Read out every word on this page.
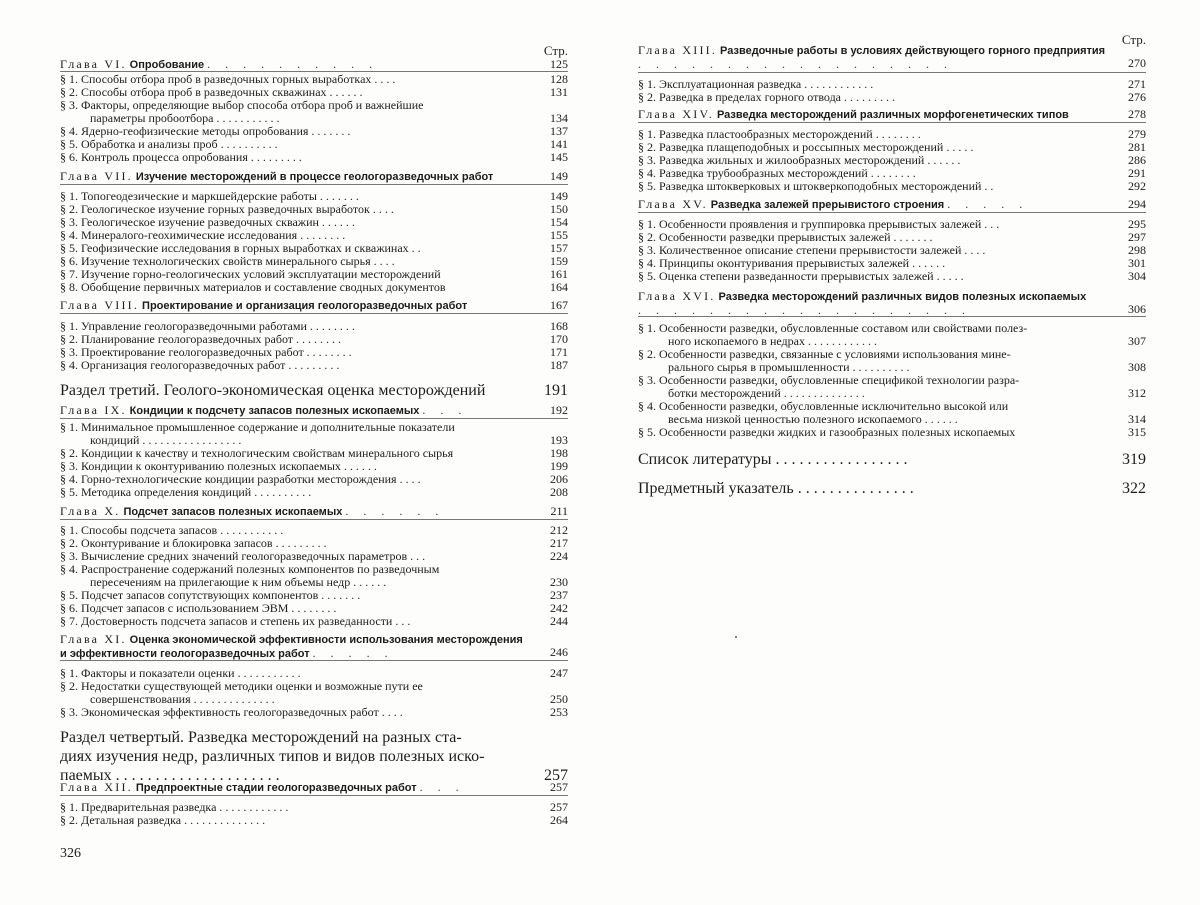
Стр.
Глава VI. Опробование . . . . . . . . . .	125
§ 1. Способы отбора проб в разведочных горных выработках . . . .	128
§ 2. Способы отбора проб в разведочных скважинах . . . . . .	131
§ 3. Факторы, определяющие выбор способа отбора проб и важнейшие
параметры пробоотбора . . . . . . . . . . .	134
§ 4. Ядерно-геофизические методы опробования . . . . . . .	137
§ 5. Обработка и анализы проб . . . . . . . . . .	141
§ 6. Контроль процесса опробования . . . . . . . . .	145
Глава VII. Изучение месторождений в процессе геологоразведочных работ	149
§ 1. Топогеодезические и маркшейдерские работы . . . . . . .	149
§ 2. Геологическое изучение горных разведочных выработок . . . .	150
§ 3. Геологическое изучение разведочных скважин . . . . . .	154
§ 4. Минералого-геохимические исследования . . . . . . . .	155
§ 5. Геофизические исследования в горных выработках и скважинах . .	157
§ 6. Изучение технологических свойств минерального сырья . . . .	159
§ 7. Изучение горно-геологических условий эксплуатации месторождений	161
§ 8. Обобщение первичных материалов и составление сводных документов	164
Глава VIII. Проектирование и организация геологоразведочных работ	167
§ 1. Управление геологоразведочными работами . . . . . . . .	168
§ 2. Планирование геологоразведочных работ . . . . . . . .	170
§ 3. Проектирование геологоразведочных работ . . . . . . . .	171
§ 4. Организация геологоразведочных работ . . . . . . . . .	187
Раздел третий. Геолого-экономическая оценка месторождений	191
Глава IX. Кондиции к подсчету запасов полезных ископаемых . . .	192
§ 1. Минимальное промышленное содержание и дополнительные показатели
кондиций . . . . . . . . . . . . . . . . .	193
§ 2. Кондиции к качеству и технологическим свойствам минерального сырья	198
§ 3. Кондиции к оконтуриванию полезных ископаемых . . . . . .	199
§ 4. Горно-технологические кондиции разработки месторождения . . . .	206
§ 5. Методика определения кондиций . . . . . . . . . .	208
Глава X. Подсчет запасов полезных ископаемых . . . . . .	211
§ 1. Способы подсчета запасов . . . . . . . . . . .	212
§ 2. Оконтуривание и блокировка запасов . . . . . . . . .	217
§ 3. Вычисление средних значений геологоразведочных параметров . . .	224
§ 4. Распространение содержаний полезных компонентов по разведочным
пересечениям на прилегающие к ним объемы недр . . . . . .	230
§ 5. Подсчет запасов сопутствующих компонентов . . . . . . .	237
§ 6. Подсчет запасов с использованием ЭВМ . . . . . . . .	242
§ 7. Достоверность подсчета запасов и степень их разведанности . . .	244
Глава XI. Оценка экономической эффективности использования месторождения и эффективности геологоразведочных работ . . . . .	246
§ 1. Факторы и показатели оценки . . . . . . . . . . .	247
§ 2. Недостатки существующей методики оценки и возможные пути ее
совершенствования . . . . . . . . . . . . . .	250
§ 3. Экономическая эффективность геологоразведочных работ . . . .	253
Раздел четвертый. Разведка месторождений на разных ста-
диях изучения недр, различных типов и видов полезных иско-
паемых . . . . . . . . . . . . . . . . . . . . .	257
Глава XII. Предпроектные стадии геологоразведочных работ . . .	257
§ 1. Предварительная разведка . . . . . . . . . . . .	257
§ 2. Детальная разведка . . . . . . . . . . . . . .	264
Стр.
Глава XIII. Разведочные работы в условиях действующего горного предприятия . . . . . . . . . . . . . . . . . .	270
§ 1. Эксплуатационная разведка . . . . . . . . . . . .	271
§ 2. Разведка в пределах горного отвода . . . . . . . . .	276
Глава XIV. Разведка месторождений различных морфогенетических типов	278
§ 1. Разведка пластообразных месторождений . . . . . . . .	279
§ 2. Разведка плащеподобных и россыпных месторождений . . . . .	281
§ 3. Разведка жильных и жилообразных месторождений . . . . . .	286
§ 4. Разведка трубообразных месторождений . . . . . . . .	291
§ 5. Разведка штокверковых и штокверкоподобных месторождений . .	292
Глава XV. Разведка залежей прерывистого строения . . . . .	294
§ 1. Особенности проявления и группировка прерывистых залежей . . .	295
§ 2. Особенности разведки прерывистых залежей . . . . . . .	297
§ 3. Количественное описание степени прерывистости залежей . . . .	298
§ 4. Принципы оконтуривания прерывистых залежей . . . . . .	301
§ 5. Оценка степени разведанности прерывистых залежей . . . . .	304
Глава XVI. Разведка месторождений различных видов полезных ископаемых . . . . . . . . . . . . . . . . . . .	306
§ 1. Особенности разведки, обусловленные составом или свойствами полез-
ного ископаемого в недрах . . . . . . . . . . . .	307
§ 2. Особенности разведки, связанные с условиями использования мине-
рального сырья в промышленности . . . . . . . . . .	308
§ 3. Особенности разведки, обусловленные спецификой технологии разра-
ботки месторождений . . . . . . . . . . . . . .	312
§ 4. Особенности разведки, обусловленные исключительно высокой или
весьма низкой ценностью полезного ископаемого . . . . . .	314
§ 5. Особенности разведки жидких и газообразных полезных ископаемых	315
Список литературы . . . . . . . . . . . . . . . . .	319
Предметный указатель . . . . . . . . . . . . . . .	322
326
